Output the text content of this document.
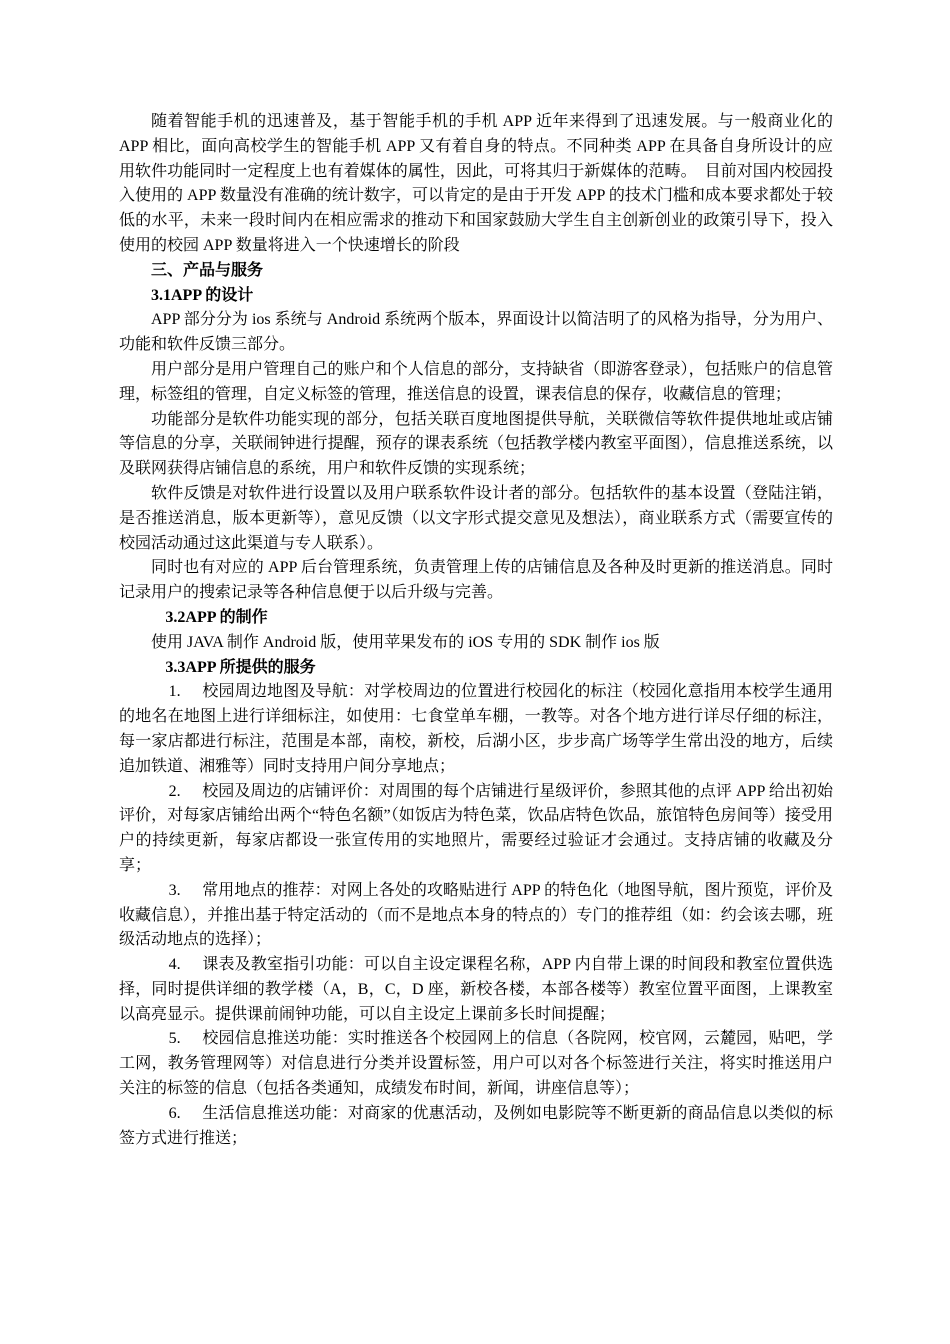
随着智能手机的迅速普及，基于智能手机的手机 APP 近年来得到了迅速发展。与一般商业化的 APP 相比，面向高校学生的智能手机 APP 又有着自身的特点。不同种类 APP 在具备自身所设计的应用软件功能同时一定程度上也有着媒体的属性，因此，可将其归于新媒体的范畴。　目前对国内校园投入使用的 APP 数量没有准确的统计数字，可以肯定的是由于开发 APP 的技术门槛和成本要求都处于较低的水平，未来一段时间内在相应需求的推动下和国家鼓励大学生自主创新创业的政策引导下，投入使用的校园 APP 数量将进入一个快速增长的阶段

三、产品与服务

3.1APP 的设计

APP 部分分为 ios 系统与 Android 系统两个版本，界面设计以简洁明了的风格为指导，分为用户、功能和软件反馈三部分。

用户部分是用户管理自己的账户和个人信息的部分，支持缺省（即游客登录），包括账户的信息管理，标签组的管理，自定义标签的管理，推送信息的设置，课表信息的保存，收藏信息的管理；

功能部分是软件功能实现的部分，包括关联百度地图提供导航，关联微信等软件提供地址或店铺等信息的分享，关联闹钟进行提醒，预存的课表系统（包括教学楼内教室平面图），信息推送系统，以及联网获得店铺信息的系统，用户和软件反馈的实现系统；

软件反馈是对软件进行设置以及用户联系软件设计者的部分。包括软件的基本设置（登陆注销，是否推送消息，版本更新等），意见反馈（以文字形式提交意见及想法），商业联系方式（需要宣传的校园活动通过这此渠道与专人联系）。

同时也有对应的 APP 后台管理系统，负责管理上传的店铺信息及各种及时更新的推送消息。同时记录用户的搜索记录等各种信息便于以后升级与完善。

3.2APP 的制作

使用 JAVA 制作 Android 版，使用苹果发布的 iOS 专用的 SDK 制作 ios 版

3.3APP 所提供的服务

1. 校园周边地图及导航：对学校周边的位置进行校园化的标注（校园化意指用本校学生通用的地名在地图上进行详细标注，如使用：七食堂单车棚，一教等。对各个地方进行详尽仔细的标注，每一家店都进行标注，范围是本部，南校，新校，后湖小区，步步高广场等学生常出没的地方，后续追加铁道、湘雅等）同时支持用户间分享地点；

2. 校园及周边的店铺评价：对周围的每个店铺进行星级评价，参照其他的点评 APP 给出初始评价，对每家店铺给出两个“特色名额”（如饭店为特色菜，饮品店特色饮品，旅馆特色房间等）接受用户的持续更新，每家店都设一张宣传用的实地照片，需要经过验证才会通过。支持店铺的收藏及分享；

3. 常用地点的推荐：对网上各处的攻略贴进行 APP 的特色化（地图导航，图片预览，评价及收藏信息），并推出基于特定活动的（而不是地点本身的特点的）专门的推荐组（如：约会该去哪，班级活动地点的选择）；

4. 课表及教室指引功能：可以自主设定课程名称，APP 内自带上课的时间段和教室位置供选择，同时提供详细的教学楼（A，B，C，D 座，新校各楼，本部各楼等）教室位置平面图，上课教室以高亮显示。提供课前闹钟功能，可以自主设定上课前多长时间提醒；

5. 校园信息推送功能：实时推送各个校园网上的信息（各院网，校官网，云麓园，贴吧，学工网，教务管理网等）对信息进行分类并设置标签，用户可以对各个标签进行关注，将实时推送用户关注的标签的信息（包括各类通知，成绩发布时间，新闻，讲座信息等）；

6. 生活信息推送功能：对商家的优惠活动，及例如电影院等不断更新的商品信息以类似的标签方式进行推送；
